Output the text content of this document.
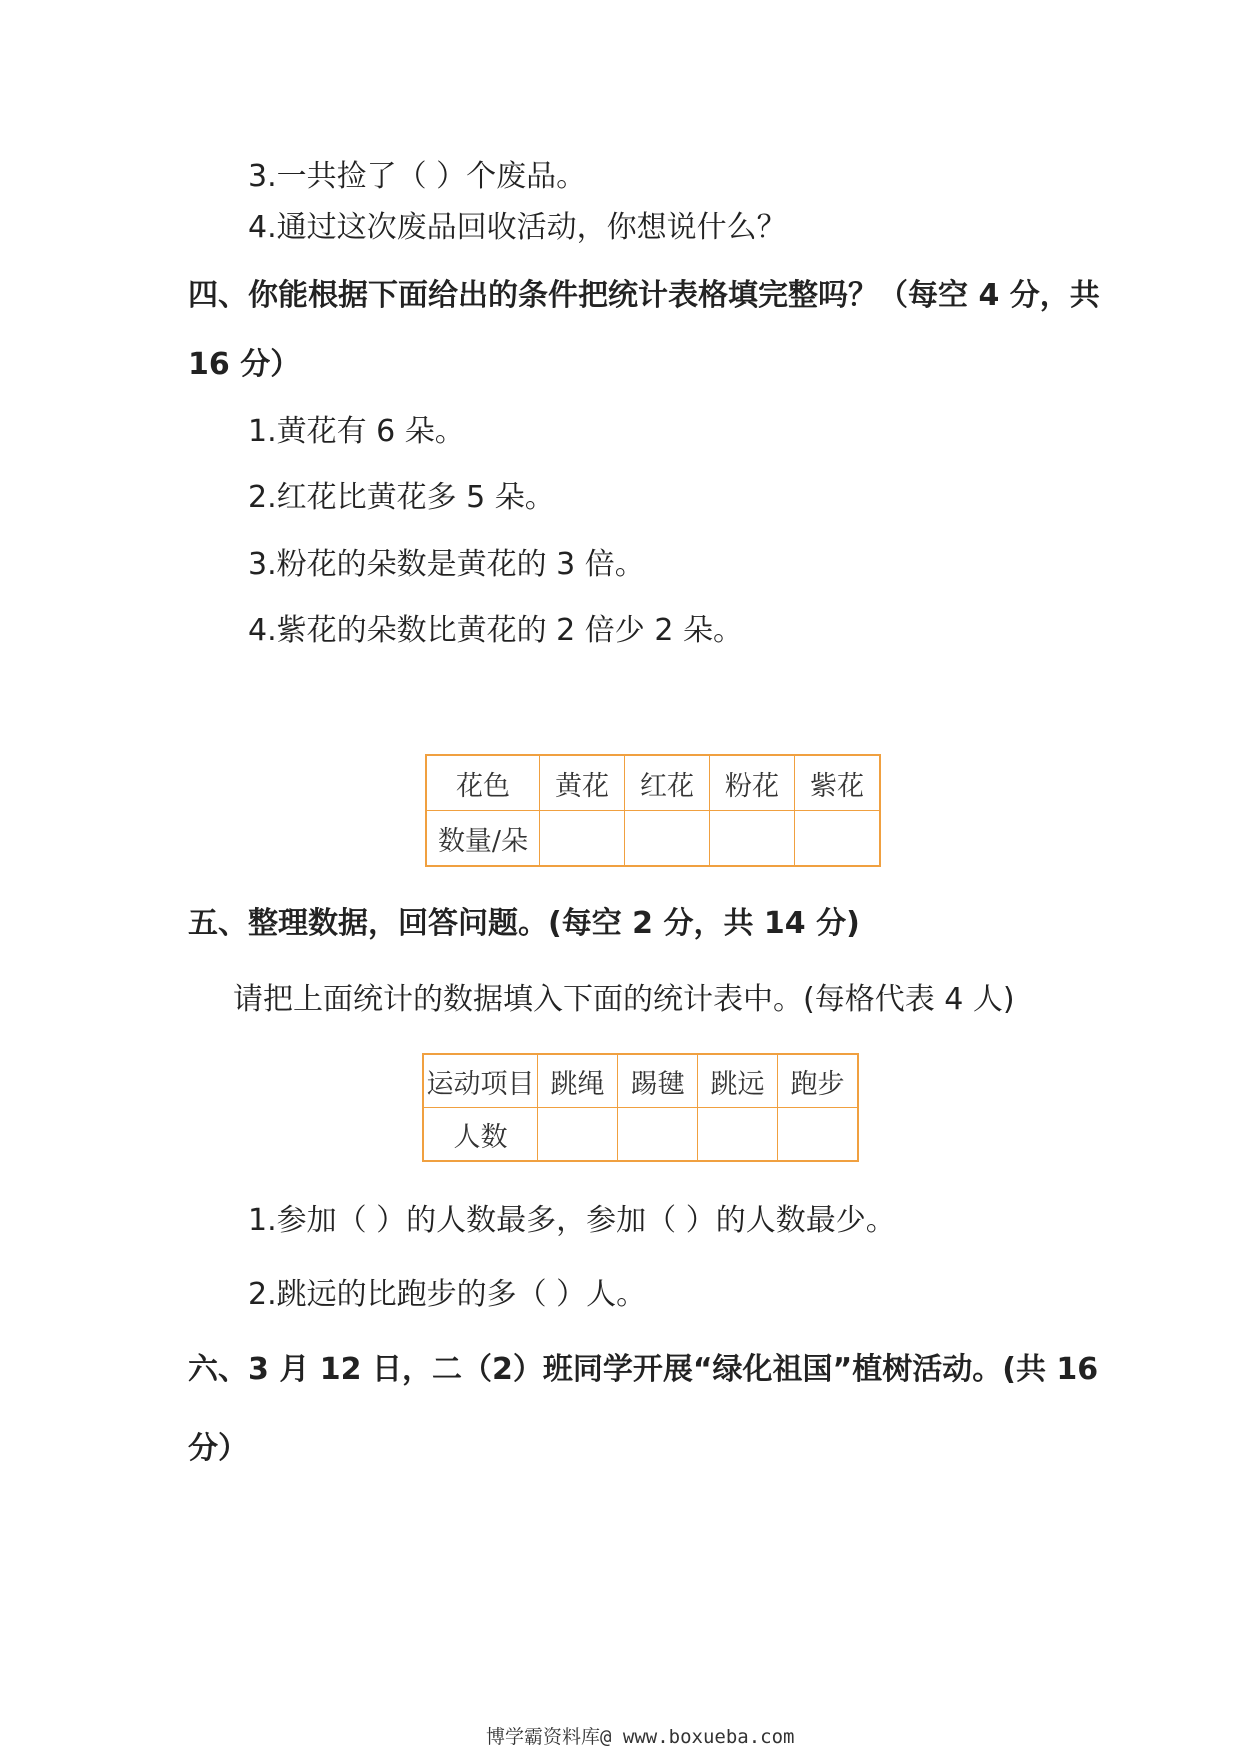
3.一共捡了（ ）个废品。
4.通过这次废品回收活动，你想说什么？
四、你能根据下面给出的条件把统计表格填完整吗？（每空 4 分，共
16 分）
1.黄花有 6 朵。
2.红花比黄花多 5 朵。
3.粉花的朵数是黄花的 3 倍。
4.紫花的朵数比黄花的 2 倍少 2 朵。
花色	黄花	红花	粉花	紫花
数量/朵				
五、整理数据，回答问题。(每空 2 分，共 14 分)
请把上面统计的数据填入下面的统计表中。(每格代表 4 人)
运动项目	跳绳	踢毽	跳远	跑步
人数				
1.参加（ ）的人数最多，参加（ ）的人数最少。
2.跳远的比跑步的多（ ）人。
六、3 月 12 日，二（2）班同学开展“绿化祖国”植树活动。(共 16
分）
博学霸资料库@ www.boxueba.com
